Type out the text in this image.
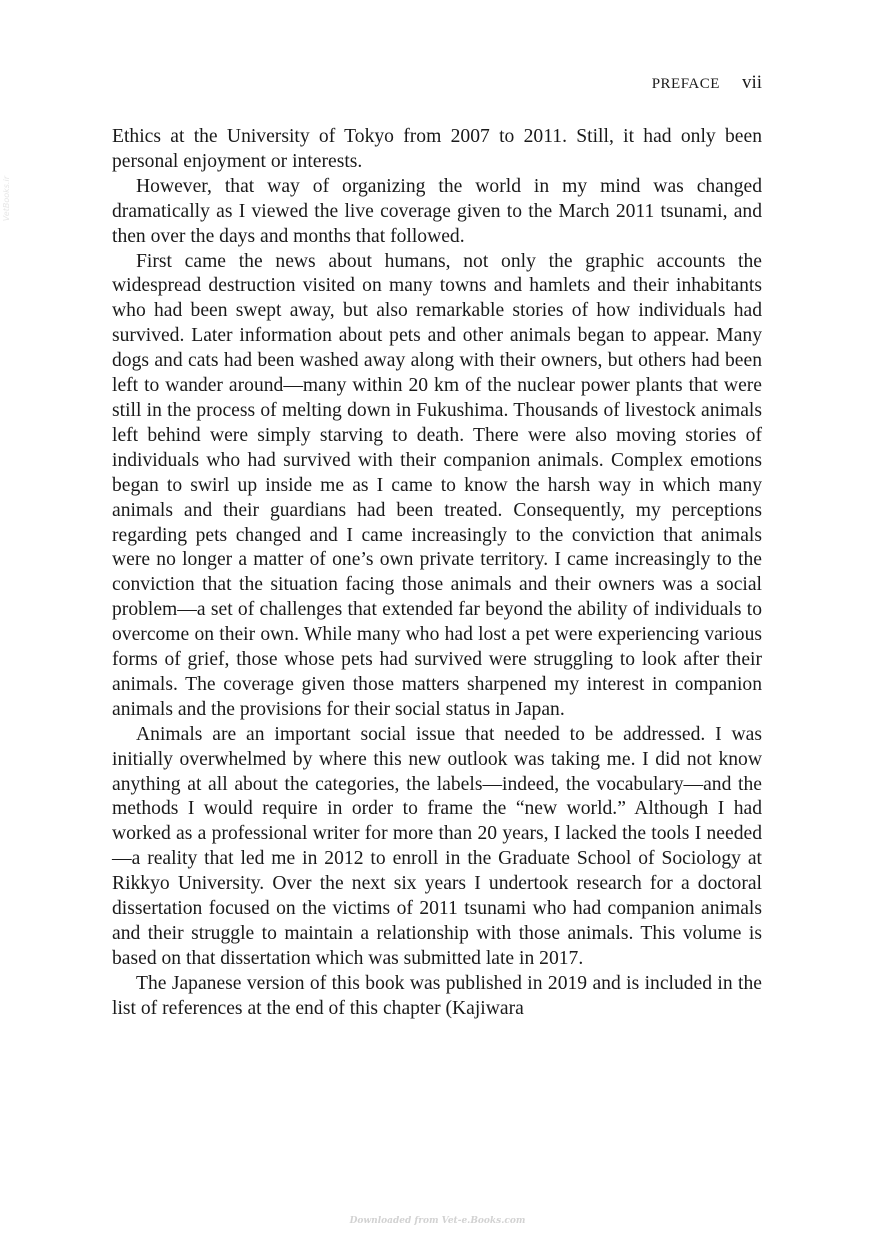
PREFACE vii
VetBooks.ir

Ethics at the University of Tokyo from 2007 to 2011. Still, it had only been personal enjoyment or interests.

However, that way of organizing the world in my mind was changed dramatically as I viewed the live coverage given to the March 2011 tsunami, and then over the days and months that followed.

First came the news about humans, not only the graphic accounts the widespread destruction visited on many towns and hamlets and their inhabitants who had been swept away, but also remarkable stories of how individuals had survived. Later information about pets and other animals began to appear. Many dogs and cats had been washed away along with their owners, but others had been left to wander around—many within 20 km of the nuclear power plants that were still in the process of melting down in Fukushima. Thousands of livestock animals left behind were simply starving to death. There were also moving stories of individuals who had survived with their companion animals. Complex emotions began to swirl up inside me as I came to know the harsh way in which many animals and their guardians had been treated. Consequently, my perceptions regarding pets changed and I came increasingly to the conviction that animals were no longer a matter of one’s own private territory. I came increasingly to the conviction that the situation facing those animals and their owners was a social problem—a set of challenges that extended far beyond the ability of individuals to overcome on their own. While many who had lost a pet were experiencing various forms of grief, those whose pets had survived were struggling to look after their animals. The coverage given those matters sharpened my interest in companion animals and the provisions for their social status in Japan.

Animals are an important social issue that needed to be addressed. I was initially overwhelmed by where this new outlook was taking me. I did not know anything at all about the categories, the labels—indeed, the vocabulary—and the methods I would require in order to frame the “new world.” Although I had worked as a professional writer for more than 20 years, I lacked the tools I needed—a reality that led me in 2012 to enroll in the Graduate School of Sociology at Rikkyo University. Over the next six years I undertook research for a doctoral dissertation focused on the victims of 2011 tsunami who had companion animals and their struggle to maintain a relationship with those animals. This volume is based on that dissertation which was submitted late in 2017.

The Japanese version of this book was published in 2019 and is included in the list of references at the end of this chapter (Kajiwara

Downloaded from Vet-e.Books.com
